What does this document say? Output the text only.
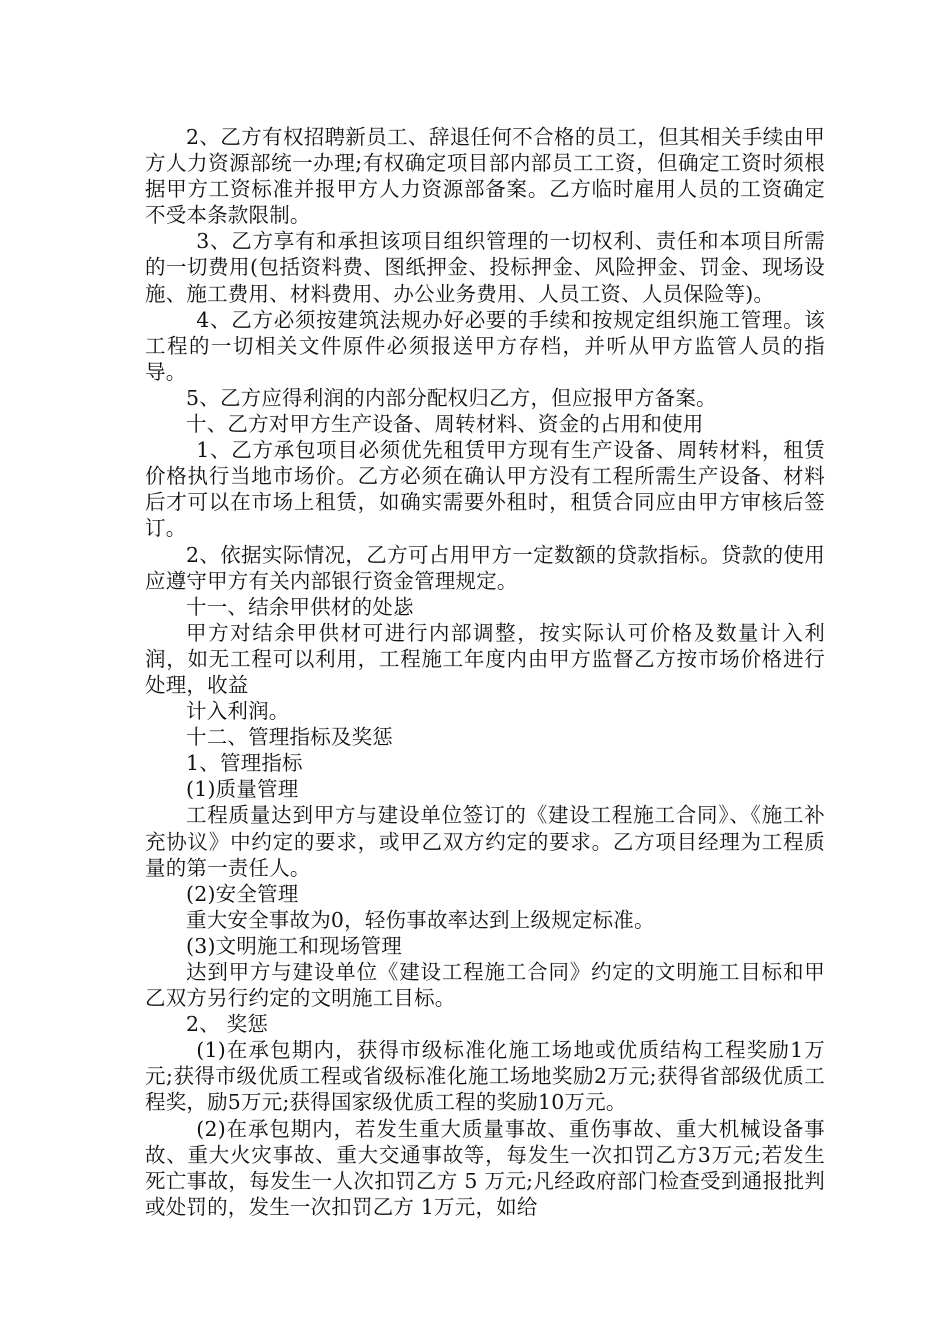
2、乙方有权招聘新员工、辞退任何不合格的员工，但其相关手续由甲方人力资源部统一办理;有权确定项目部内部员工工资，但确定工资时须根据甲方工资标准并报甲方人力资源部备案。乙方临时雇用人员的工资确定不受本条款限制。

3、乙方享有和承担该项目组织管理的一切权利、责任和本项目所需的一切费用(包括资料费、图纸押金、投标押金、风险押金、罚金、现场设施、施工费用、材料费用、办公业务费用、人员工资、人员保险等)。

4、乙方必须按建筑法规办好必要的手续和按规定组织施工管理。该工程的一切相关文件原件必须报送甲方存档，并听从甲方监管人员的指导。

5、乙方应得利润的内部分配权归乙方，但应报甲方备案。

十、乙方对甲方生产设备、周转材料、资金的占用和使用

1、乙方承包项目必须优先租赁甲方现有生产设备、周转材料，租赁价格执行当地市场价。乙方必须在确认甲方没有工程所需生产设备、材料后才可以在市场上租赁，如确实需要外租时，租赁合同应由甲方审核后签订。

2、依据实际情况，乙方可占用甲方一定数额的贷款指标。贷款的使用应遵守甲方有关内部银行资金管理规定。

十一、结余甲供材的处毖

甲方对结余甲供材可进行内部调整，按实际认可价格及数量计入利润，如无工程可以利用，工程施工年度内由甲方监督乙方按市场价格进行处理，收益

计入利润。

十二、管理指标及奖惩

1、管理指标

(1)质量管理

工程质量达到甲方与建设单位签订的《建设工程施工合同》、《施工补充协议》中约定的要求，或甲乙双方约定的要求。乙方项目经理为工程质量的第一责任人。

(2)安全管理

重大安全事故为0，轻伤事故率达到上级规定标准。

(3)文明施工和现场管理

达到甲方与建设单位《建设工程施工合同》约定的文明施工目标和甲乙双方另行约定的文明施工目标。

2、 奖惩

(1)在承包期内，获得市级标准化施工场地或优质结构工程奖励1万元;获得市级优质工程或省级标准化施工场地奖励2万元;获得省部级优质工程奖，励5万元;获得国家级优质工程的奖励10万元。

(2)在承包期内，若发生重大质量事故、重伤事故、重大机械设备事故、重大火灾事故、重大交通事故等，每发生一次扣罚乙方3万元;若发生死亡事故，每发生一人次扣罚乙方 5 万元;凡经政府部门检查受到通报批判或处罚的，发生一次扣罚乙方 1万元，如给
